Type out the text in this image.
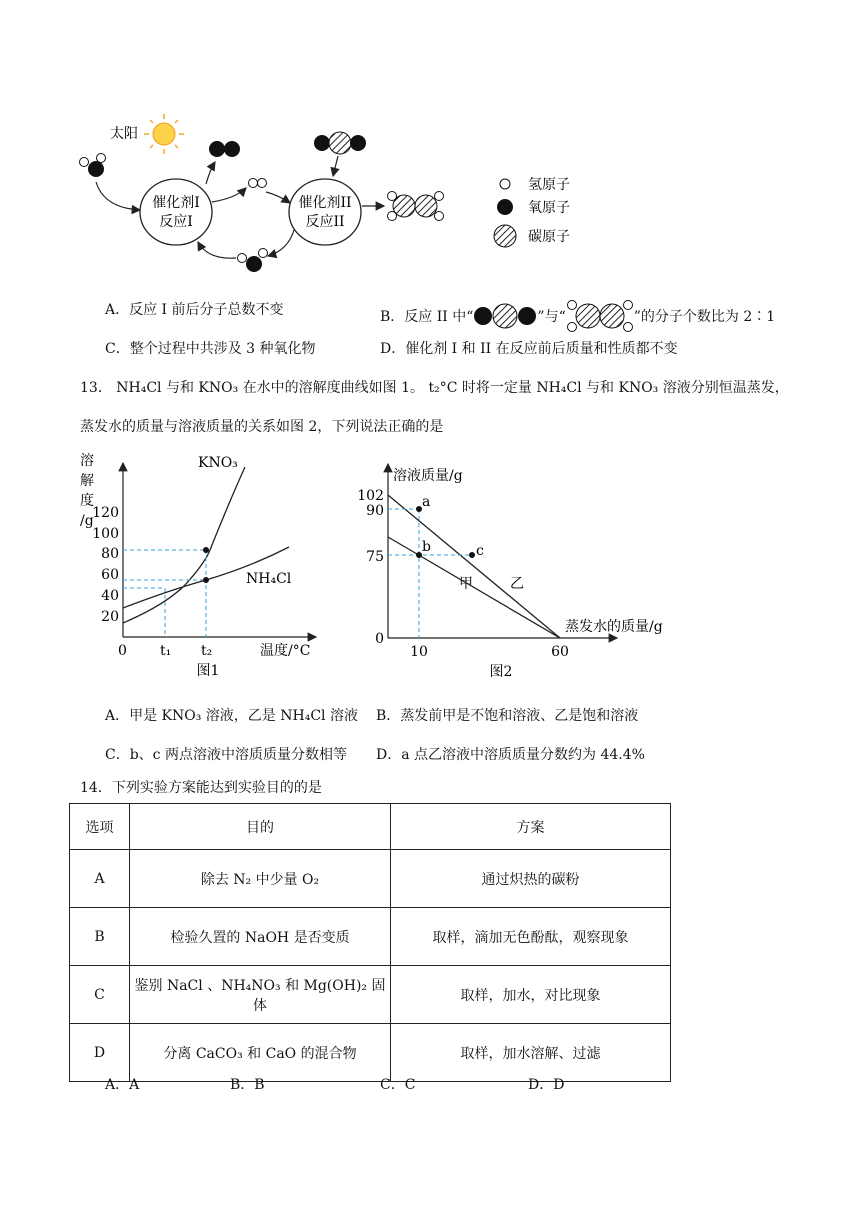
太阳
催化剂I
反应I
催化剂II
反应II
氢原子
氧原子
碳原子
A．反应 I 前后分子总数不变	B．反应 II 中“	”与“	”的分子个数比为 2∶1
C．整个过程中共涉及 3 种氧化物	D．催化剂 I 和 II 在反应前后质量和性质都不变
13． NH₄Cl 与和 KNO₃ 在水中的溶解度曲线如图 1。 t₂°C 时将一定量 NH₄Cl 与和 KNO₃ 溶液分别恒温蒸发，
蒸发水的质量与溶液质量的关系如图 2，下列说法正确的是
溶
解
度
/g
120
100
80
60
40
20
0 t₁ t₂	温度/°C
KNO₃
NH₄Cl
图1
溶液质量/g
102
90
75
0
10	60
蒸发水的质量/g
a
b	c
乙
甲
图2
A．甲是 KNO₃ 溶液，乙是 NH₄Cl 溶液 B．蒸发前甲是不饱和溶液、乙是饱和溶液
C．b、c 两点溶液中溶质质量分数相等 D．a 点乙溶液中溶质质量分数约为 44.4%
14．下列实验方案能达到实验目的的是
选项	目的	方案
A	除去 N₂ 中少量 O₂	通过炽热的碳粉
B	检验久置的 NaOH 是否变质	取样，滴加无色酚酞，观察现象
C	鉴别 NaCl 、NH₄NO₃ 和 Mg(OH)₂ 固体	取样，加水，对比现象
D	分离 CaCO₃ 和 CaO 的混合物	取样，加水溶解、过滤
A．A	B．B	C．C	D．D
